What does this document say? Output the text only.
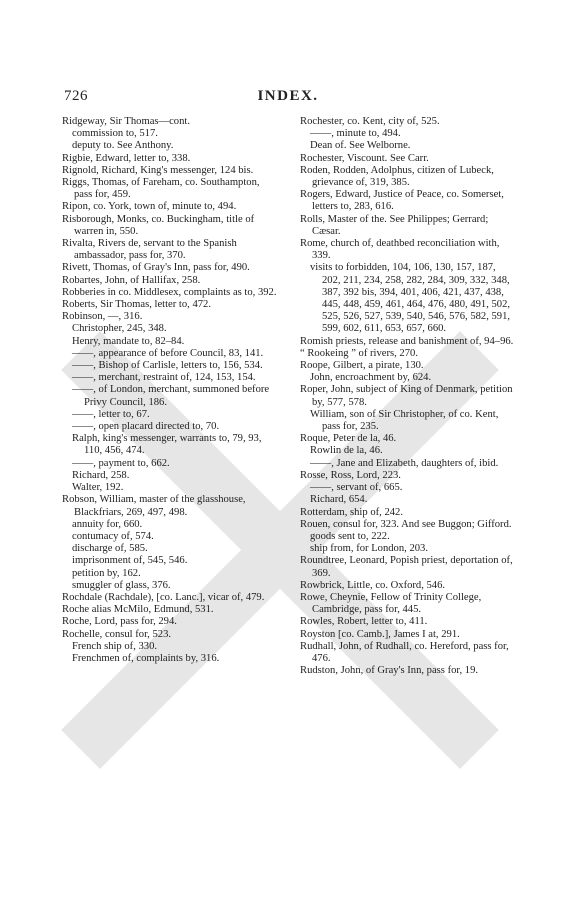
726	INDEX.
Ridgeway, Sir Thomas—cont.
commission to, 517.
deputy to. See Anthony.
Rigbie, Edward, letter to, 338.
Rignold, Richard, King's messenger, 124 bis.
Riggs, Thomas, of Fareham, co. Southampton, pass for, 459.
Ripon, co. York, town of, minute to, 494.
Risborough, Monks, co. Buckingham, title of warren in, 550.
Rivalta, Rivers de, servant to the Spanish ambassador, pass for, 370.
Rivett, Thomas, of Gray's Inn, pass for, 490.
Robartes, John, of Hallifax, 258.
Robberies in co. Middlesex, complaints as to, 392.
Roberts, Sir Thomas, letter to, 472.
Robinson, —, 316.
Christopher, 245, 348.
Henry, mandate to, 82–84.
——, appearance of before Council, 83, 141.
——, Bishop of Carlisle, letters to, 156, 534.
——, merchant, restraint of, 124, 153, 154.
——, of London, merchant, summoned before Privy Council, 186.
——, letter to, 67.
——, open placard directed to, 70.
Ralph, king's messenger, warrants to, 79, 93, 110, 456, 474.
——, payment to, 662.
Richard, 258.
Walter, 192.
Robson, William, master of the glasshouse, Blackfriars, 269, 497, 498.
annuity for, 660.
contumacy of, 574.
discharge of, 585.
imprisonment of, 545, 546.
petition by, 162.
smuggler of glass, 376.
Rochdale (Rachdale), [co. Lanc.], vicar of, 479.
Roche alias McMilo, Edmund, 531.
Roche, Lord, pass for, 294.
Rochelle, consul for, 523.
French ship of, 330.
Frenchmen of, complaints by, 316.
Rochester, co. Kent, city of, 525.
——, minute to, 494.
Dean of. See Welborne.
Rochester, Viscount. See Carr.
Roden, Rodden, Adolphus, citizen of Lubeck, grievance of, 319, 385.
Rogers, Edward, Justice of Peace, co. Somerset, letters to, 283, 616.
Rolls, Master of the. See Philippes; Gerrard; Cæsar.
Rome, church of, deathbed reconciliation with, 339.
visits to forbidden, 104, 106, 130, 157, 187, 202, 211, 234, 258, 282, 284, 309, 332, 348, 387, 392 bis, 394, 401, 406, 421, 437, 438, 445, 448, 459, 461, 464, 476, 480, 491, 502, 525, 526, 527, 539, 540, 546, 576, 582, 591, 599, 602, 611, 653, 657, 660.
Romish priests, release and banishment of, 94–96.
“ Rookeing ” of rivers, 270.
Roope, Gilbert, a pirate, 130.
John, encroachment by, 624.
Roper, John, subject of King of Denmark, petition by, 577, 578.
William, son of Sir Christopher, of co. Kent, pass for, 235.
Roque, Peter de la, 46.
Rowlin de la, 46.
——, Jane and Elizabeth, daughters of, ibid.
Rosse, Ross, Lord, 223.
——, servant of, 665.
Richard, 654.
Rotterdam, ship of, 242.
Rouen, consul for, 323. And see Buggon; Gifford.
goods sent to, 222.
ship from, for London, 203.
Roundtree, Leonard, Popish priest, deportation of, 369.
Rowbrick, Little, co. Oxford, 546.
Rowe, Cheynie, Fellow of Trinity College, Cambridge, pass for, 445.
Rowles, Robert, letter to, 411.
Royston [co. Camb.], James I at, 291.
Rudhall, John, of Rudhall, co. Hereford, pass for, 476.
Rudston, John, of Gray's Inn, pass for, 19.
